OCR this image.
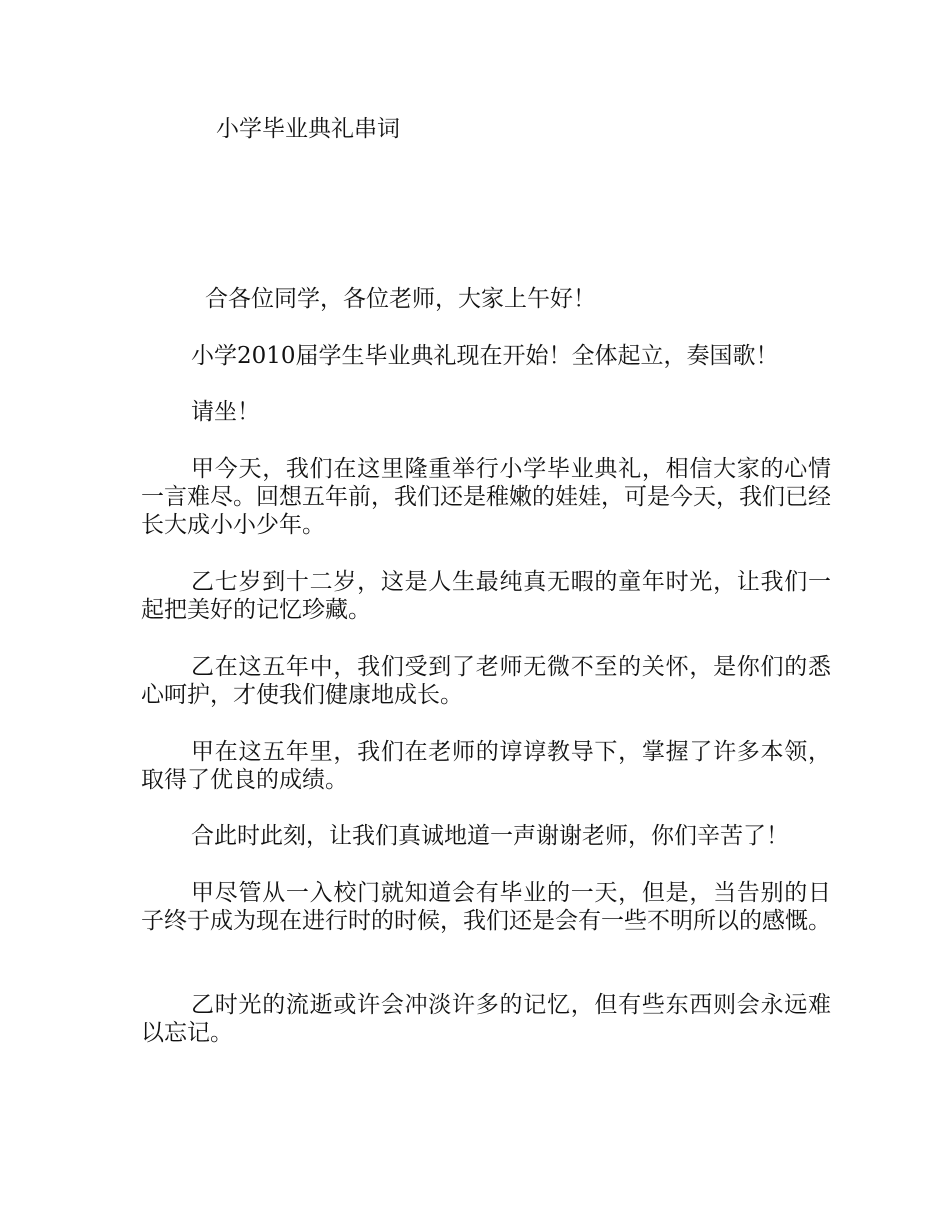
小学毕业典礼串词

合各位同学，各位老师，大家上午好！

小学2010届学生毕业典礼现在开始！全体起立，奏国歌！

请坐！

甲今天，我们在这里隆重举行小学毕业典礼，相信大家的心情一言难尽。回想五年前，我们还是稚嫩的娃娃，可是今天，我们已经长大成小小少年。

乙七岁到十二岁，这是人生最纯真无暇的童年时光，让我们一起把美好的记忆珍藏。

乙在这五年中，我们受到了老师无微不至的关怀，是你们的悉心呵护，才使我们健康地成长。

甲在这五年里，我们在老师的谆谆教导下，掌握了许多本领，取得了优良的成绩。

合此时此刻，让我们真诚地道一声谢谢老师，你们辛苦了！

甲尽管从一入校门就知道会有毕业的一天，但是，当告别的日子终于成为现在进行时的时候，我们还是会有一些不明所以的感慨。

乙时光的流逝或许会冲淡许多的记忆，但有些东西则会永远难以忘记。
